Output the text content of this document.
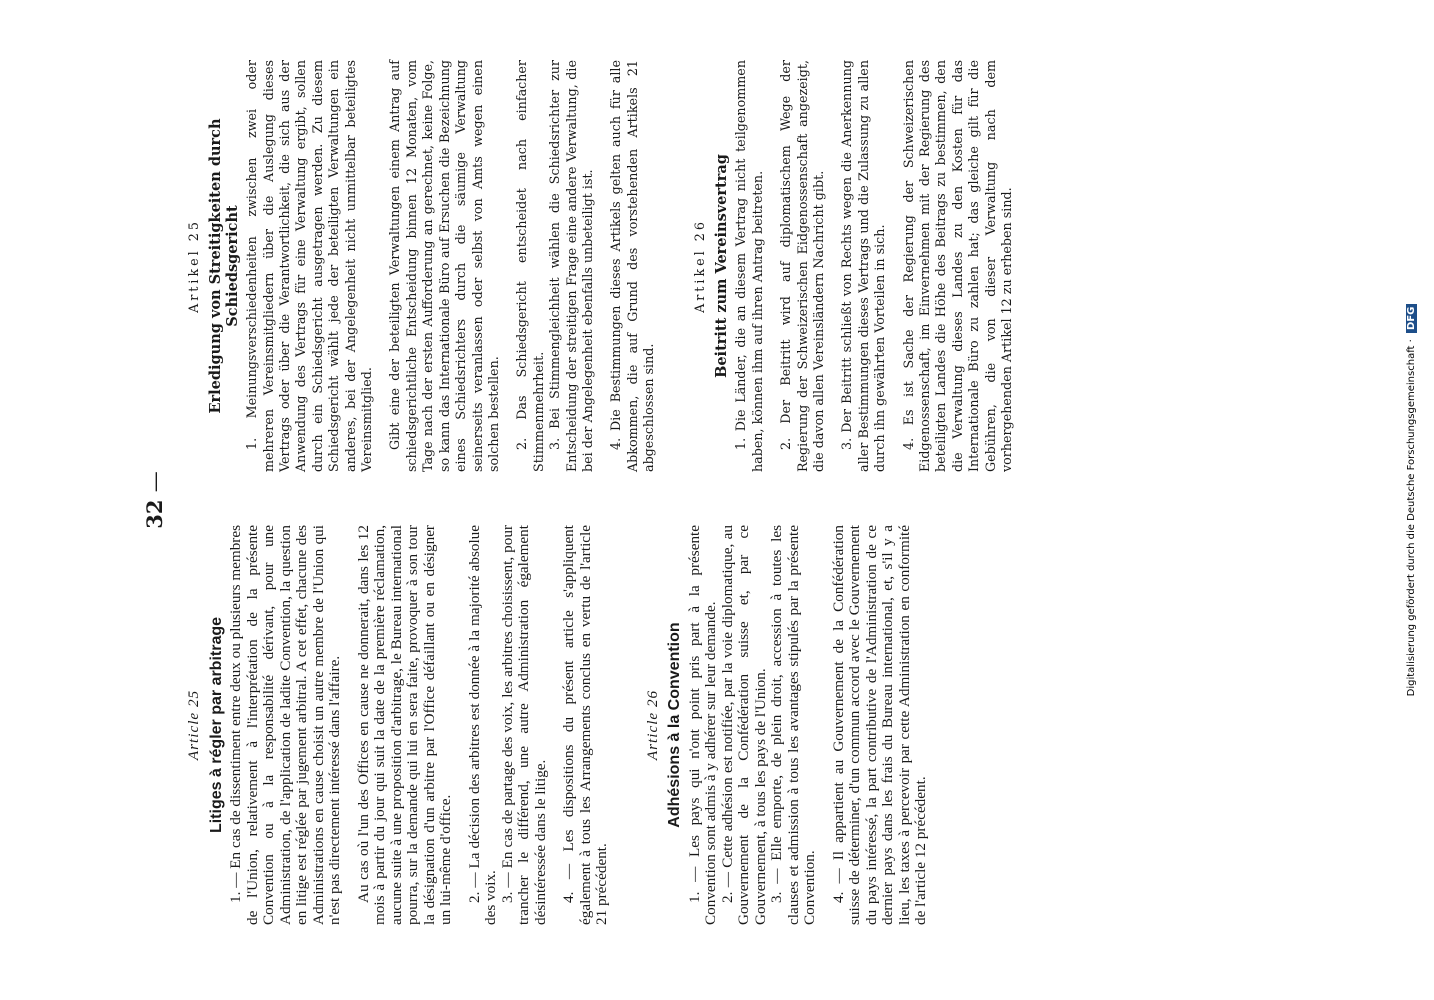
32 —
Article 25 Litiges à régler par arbitrage 1. — En cas de dissentiment entre deux ou plusieurs membres de l'Union, relativement à l'interprétation de la présente Convention ou à la responsabilité dérivant, pour une Administration, de l'application de ladite Convention, la question en litige est réglée par jugement arbitral. A cet effet, chacune des Administrations en cause choisit un autre membre de l'Union qui n'est pas directement intéressé dans l'affaire. Au cas où l'un des Offices en cause ne donnerait, dans les 12 mois à partir du jour qui suit la date de la première réclamation, aucune suite à une proposition d'arbitrage, le Bureau international pourra, sur la demande qui lui en sera faite, provoquer à son tour la désignation d'un arbitre par l'Office défaillant ou en désigner un lui-même d'office. 2. — La décision des arbitres est donnée à la majorité absolue des voix. 3. — En cas de partage des voix, les arbitres choisissent, pour trancher le différend, une autre Administration également désintéressée dans le litige. 4. — Les dispositions du présent article s'appliquent également à tous les Arrangements conclus en vertu de l'article 21 précédent.

Article 26 Adhésions à la Convention 1. — Les pays qui n'ont point pris part à la présente Convention sont admis à y adhérer sur leur demande. 2. — Cette adhésion est notifiée, par la voie diplomatique, au Gouvernement de la Confédération suisse et, par ce Gouvernement, à tous les pays de l'Union. 3. — Elle emporte, de plein droit, accession à toutes les clauses et admission à tous les avantages stipulés par la présente Convention. 4. — Il appartient au Gouvernement de la Confédération suisse de déterminer, d'un commun accord avec le Gouvernement du pays intéressé, la part contributive de l'Administration de ce dernier pays dans les frais du Bureau international, et, s'il y a lieu, les taxes à percevoir par cette Administration en conformité de l'article 12 précédent.

Artikel 25 Erledigung von Streitigkeiten durch Schiedsgericht 1. Meinungsverschiedenheiten zwischen zwei oder mehreren Vereinsmitgliedern über die Auslegung dieses Vertrags oder über die Verantwortlichkeit, die sich aus der Anwendung des Vertrags für eine Verwaltung ergibt, sollen durch ein Schiedsgericht ausgetragen werden. Zu diesem Schiedsgericht wählt jede der beteiligten Verwaltungen ein anderes, bei der Angelegenheit nicht unmittelbar beteiligtes Vereinsmitglied. Gibt eine der beteiligten Verwaltungen einem Antrag auf schiedsgerichtliche Entscheidung binnen 12 Monaten, vom Tage nach der ersten Aufforderung an gerechnet, keine Folge, so kann das Internationale Büro auf Ersuchen die Bezeichnung eines Schiedsrichters durch die säumige Verwaltung seinerseits veranlassen oder selbst von Amts wegen einen solchen bestellen. 2. Das Schiedsgericht entscheidet nach einfacher Stimmenmehrheit. 3. Bei Stimmengleichheit wählen die Schiedsrichter zur Entscheidung der streitigen Frage eine andere Verwaltung, die bei der Angelegenheit ebenfalls unbeteiligt ist. 4. Die Bestimmungen dieses Artikels gelten auch für alle Abkommen, die auf Grund des vorstehenden Artikels 21 abgeschlossen sind.

Artikel 26 Beitritt zum Vereinsvertrag 1. Die Länder, die an diesem Vertrag nicht teilgenommen haben, können ihm auf ihren Antrag beitreten. 2. Der Beitritt wird auf diplomatischem Wege der Regierung der Schweizerischen Eidgenossenschaft angezeigt, die davon allen Vereinsländern Nachricht gibt. 3. Der Beitritt schließt von Rechts wegen die Anerkennung aller Bestimmungen dieses Vertrags und die Zulassung zu allen durch ihn gewährten Vorteilen in sich. 4. Es ist Sache der Regierung der Schweizerischen Eidgenossenschaft, im Einvernehmen mit der Regierung des beteiligten Landes die Höhe des Beitrags zu bestimmen, den die Verwaltung dieses Landes zu den Kosten für das Internationale Büro zu zahlen hat; das gleiche gilt für die Gebühren, die von dieser Verwaltung nach dem vorhergehenden Artikel 12 zu erheben sind.

Digitalisierung gefördert durch die Deutsche Forschungsgemeinschaft · DFG
